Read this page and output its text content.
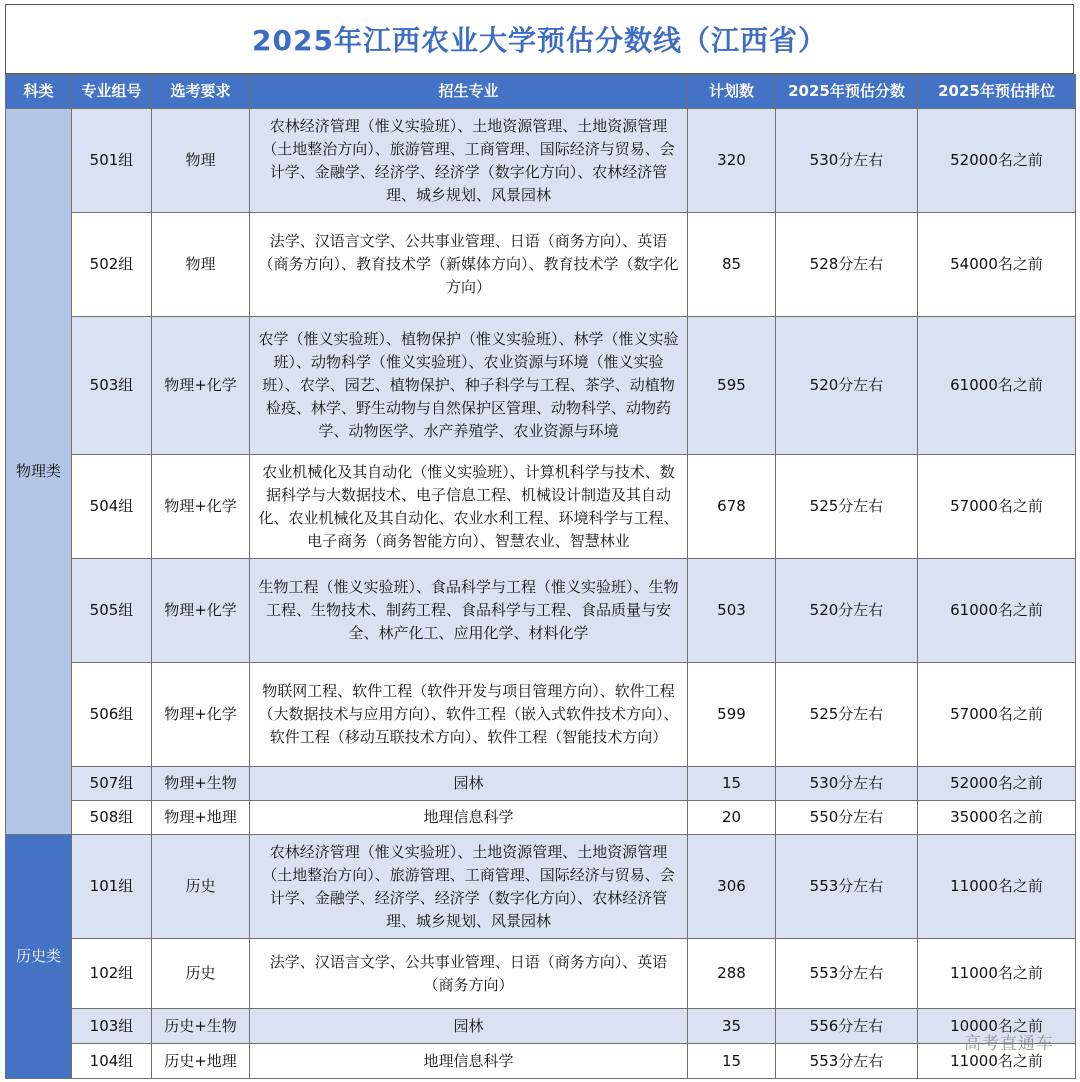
2025年江西农业大学预估分数线（江西省）
科类	专业组号	选考要求	招生专业	计划数	2025年预估分数	2025年预估排位
物理类	501组	物理	农林经济管理（惟义实验班）、土地资源管理、土地资源管理（土地整治方向）、旅游管理、工商管理、国际经济与贸易、会计学、金融学、经济学、经济学（数字化方向）、农林经济管理、城乡规划、风景园林	320	530分左右	52000名之前
	502组	物理	法学、汉语言文学、公共事业管理、日语（商务方向）、英语（商务方向）、教育技术学（新媒体方向）、教育技术学（数字化方向）	85	528分左右	54000名之前
	503组	物理+化学	农学（惟义实验班）、植物保护（惟义实验班）、林学（惟义实验班）、动物科学（惟义实验班）、农业资源与环境（惟义实验班）、农学、园艺、植物保护、种子科学与工程、茶学、动植物检疫、林学、野生动物与自然保护区管理、动物科学、动物药学、动物医学、水产养殖学、农业资源与环境	595	520分左右	61000名之前
	504组	物理+化学	农业机械化及其自动化（惟义实验班）、计算机科学与技术、数据科学与大数据技术、电子信息工程、机械设计制造及其自动化、农业机械化及其自动化、农业水利工程、环境科学与工程、电子商务（商务智能方向）、智慧农业、智慧林业	678	525分左右	57000名之前
	505组	物理+化学	生物工程（惟义实验班）、食品科学与工程（惟义实验班）、生物工程、生物技术、制药工程、食品科学与工程、食品质量与安全、林产化工、应用化学、材料化学	503	520分左右	61000名之前
	506组	物理+化学	物联网工程、软件工程（软件开发与项目管理方向）、软件工程（大数据技术与应用方向）、软件工程（嵌入式软件技术方向）、软件工程（移动互联技术方向）、软件工程（智能技术方向）	599	525分左右	57000名之前
	507组	物理+生物	园林	15	530分左右	52000名之前
	508组	物理+地理	地理信息科学	20	550分左右	35000名之前
历史类	101组	历史	农林经济管理（惟义实验班）、土地资源管理、土地资源管理（土地整治方向）、旅游管理、工商管理、国际经济与贸易、会计学、金融学、经济学、经济学（数字化方向）、农林经济管理、城乡规划、风景园林	306	553分左右	11000名之前
	102组	历史	法学、汉语言文学、公共事业管理、日语（商务方向）、英语（商务方向）	288	553分左右	11000名之前
	103组	历史+生物	园林	35	556分左右	10000名之前
	104组	历史+地理	地理信息科学	15	553分左右	11000名之前
高考直通车
